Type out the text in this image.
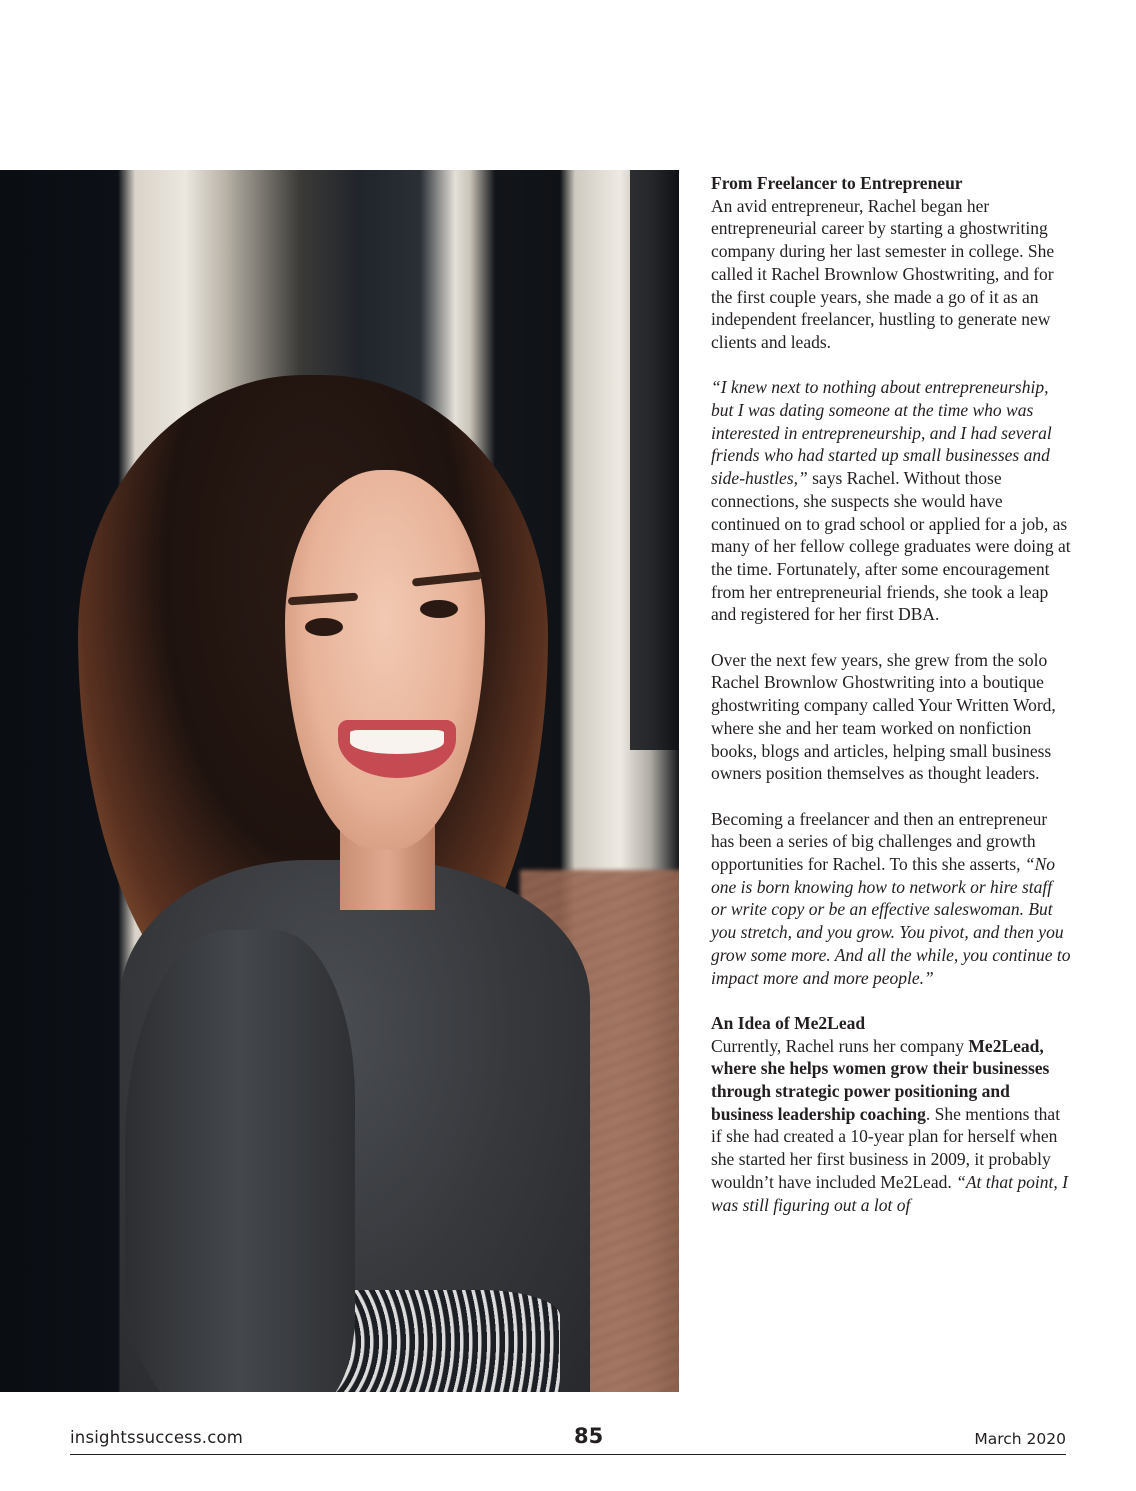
From Freelancer to Entrepreneur

An avid entrepreneur, Rachel began her entrepreneurial career by starting a ghostwriting company during her last semester in college. She called it Rachel Brownlow Ghostwriting, and for the first couple years, she made a go of it as an independent freelancer, hustling to generate new clients and leads.

“I knew next to nothing about entrepreneurship, but I was dating someone at the time who was interested in entrepreneurship, and I had several friends who had started up small businesses and side-hustles,” says Rachel. Without those connections, she suspects she would have continued on to grad school or applied for a job, as many of her fellow college graduates were doing at the time. Fortunately, after some encouragement from her entrepreneurial friends, she took a leap and registered for her first DBA.

Over the next few years, she grew from the solo Rachel Brownlow Ghostwriting into a boutique ghostwriting company called Your Written Word, where she and her team worked on nonfiction books, blogs and articles, helping small business owners position themselves as thought leaders.

Becoming a freelancer and then an entrepreneur has been a series of big challenges and growth opportunities for Rachel. To this she asserts, “No one is born knowing how to network or hire staff or write copy or be an effective saleswoman. But you stretch, and you grow. You pivot, and then you grow some more. And all the while, you continue to impact more and more people.”

An Idea of Me2Lead

Currently, Rachel runs her company Me2Lead, where she helps women grow their businesses through strategic power positioning and business leadership coaching. She mentions that if she had created a 10-year plan for herself when she started her first business in 2009, it probably wouldn’t have included Me2Lead. “At that point, I was still figuring out a lot of

insightssuccess.com	85	March 2020
